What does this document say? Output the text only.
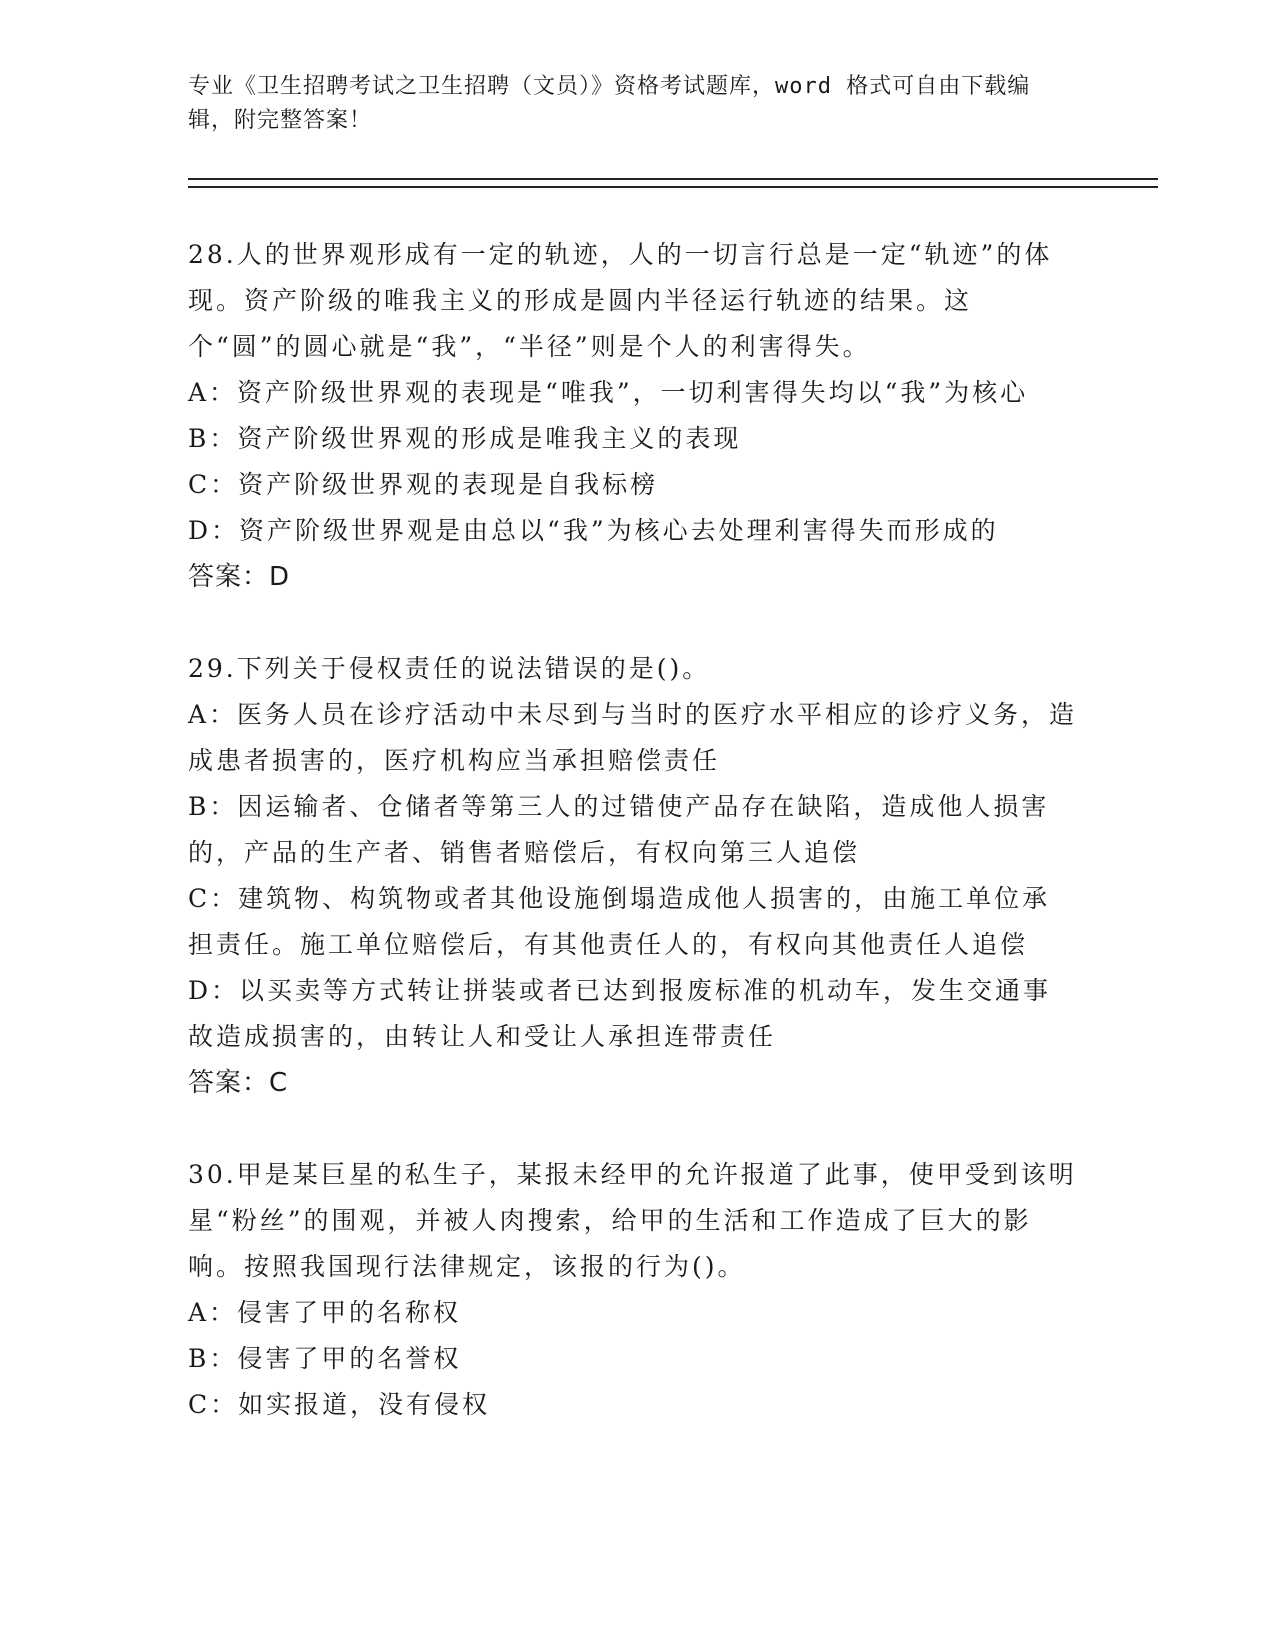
专业《卫生招聘考试之卫生招聘（文员）》资格考试题库，word 格式可自由下载编辑，附完整答案！

28.人的世界观形成有一定的轨迹，人的一切言行总是一定“轨迹”的体现。资产阶级的唯我主义的形成是圆内半径运行轨迹的结果。这个“圆”的圆心就是“我”，“半径”则是个人的利害得失。

A：资产阶级世界观的表现是“唯我”，一切利害得失均以“我”为核心

B：资产阶级世界观的形成是唯我主义的表现

C：资产阶级世界观的表现是自我标榜

D：资产阶级世界观是由总以“我”为核心去处理利害得失而形成的

答案：D

29.下列关于侵权责任的说法错误的是()。

A：医务人员在诊疗活动中未尽到与当时的医疗水平相应的诊疗义务，造成患者损害的，医疗机构应当承担赔偿责任

B：因运输者、仓储者等第三人的过错使产品存在缺陷，造成他人损害的，产品的生产者、销售者赔偿后，有权向第三人追偿

C：建筑物、构筑物或者其他设施倒塌造成他人损害的，由施工单位承担责任。施工单位赔偿后，有其他责任人的，有权向其他责任人追偿

D：以买卖等方式转让拼装或者已达到报废标准的机动车，发生交通事故造成损害的，由转让人和受让人承担连带责任

答案：C

30.甲是某巨星的私生子，某报未经甲的允许报道了此事，使甲受到该明星“粉丝”的围观，并被人肉搜索，给甲的生活和工作造成了巨大的影响。按照我国现行法律规定，该报的行为()。

A：侵害了甲的名称权

B：侵害了甲的名誉权

C：如实报道，没有侵权
